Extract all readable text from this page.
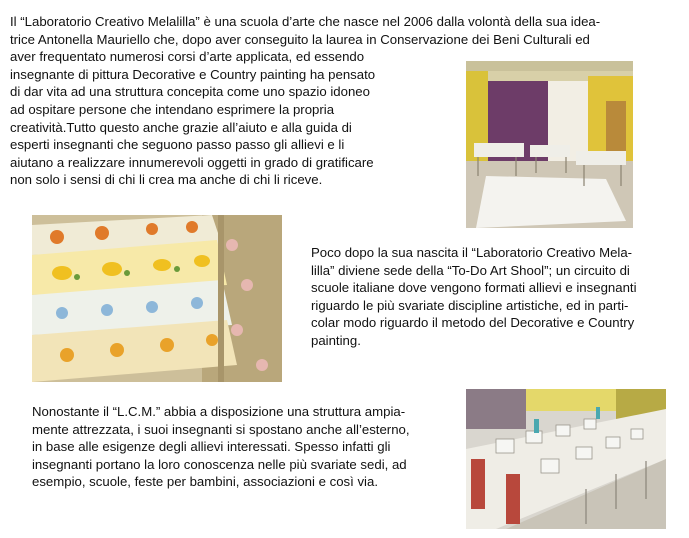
Il “Laboratorio Creativo Melalilla” è una scuola d’arte che nasce nel 2006 dalla volontà della sua idea-
trice Antonella Mauriello che, dopo aver conseguito la laurea in Conservazione dei Beni Culturali ed
aver frequentato numerosi corsi d’arte applicata, ed essendo
insegnante di pittura Decorative e Country painting ha pensato
di dar vita ad una struttura concepita come uno spazio idoneo
ad ospitare persone che intendano esprimere la propria
creatività.Tutto questo anche grazie all’aiuto e alla guida di
esperti insegnanti che seguono passo passo gli allievi e li
aiutano a realizzare innumerevoli oggetti in grado di gratificare
non solo i sensi di chi li crea ma anche di chi li riceve.

Poco dopo la sua nascita il “Laboratorio Creativo Mela-
lilla” diviene sede della “To-Do Art Shool”; un circuito di
scuole italiane dove vengono formati allievi e insegnanti
riguardo le più svariate discipline artistiche, ed in parti-
colar modo riguardo il metodo del Decorative e Country
painting.

Nonostante il “L.C.M.” abbia a disposizione una struttura ampia-
mente attrezzata, i suoi insegnanti si spostano anche all’esterno,
in base alle esigenze degli allievi interessati. Spesso infatti gli
insegnanti portano la loro conoscenza nelle più svariate sedi, ad
esempio, scuole, feste per bambini, associazioni e così via.
